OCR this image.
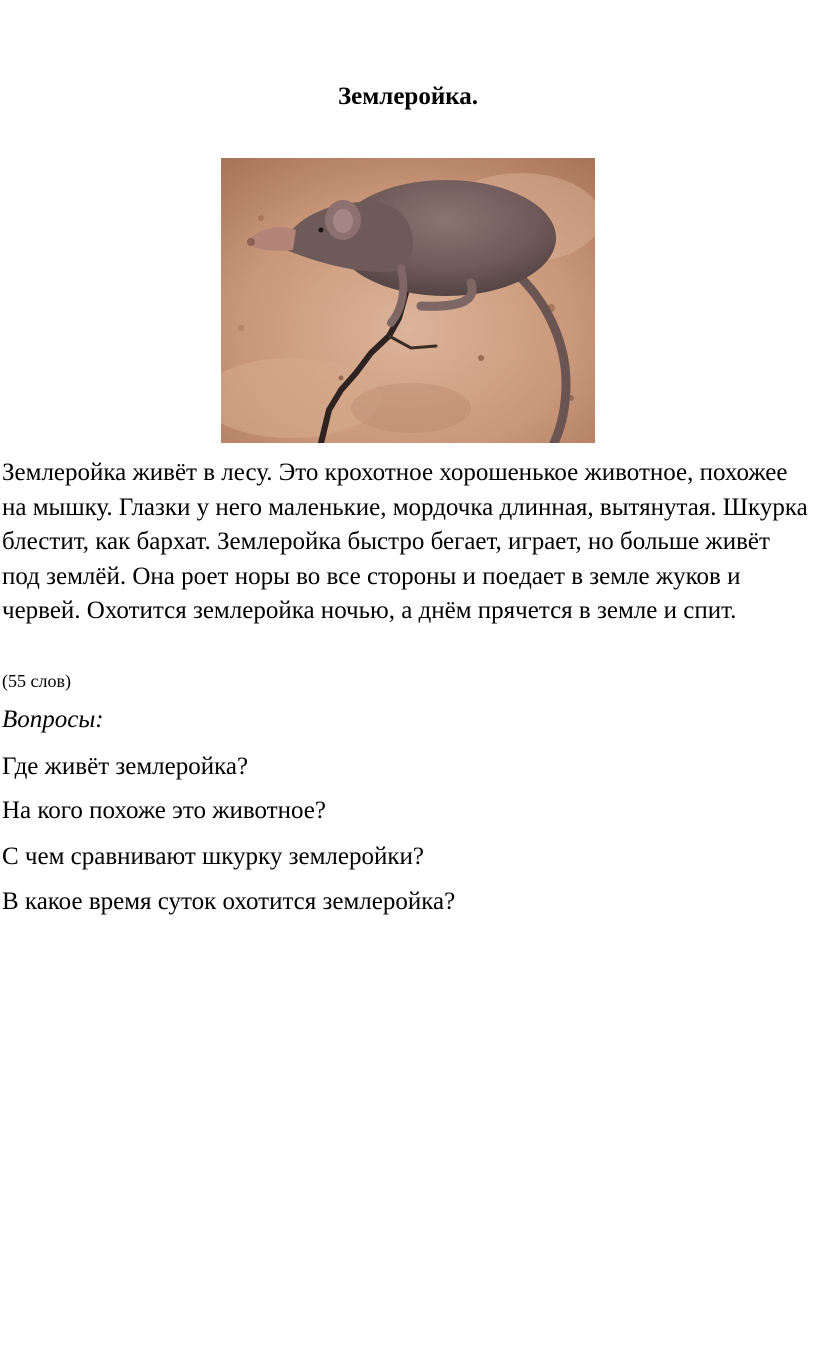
Землеройка.
Землеройка живёт в лесу. Это крохотное хорошенькое животное, похожее на мышку. Глазки у него маленькие, мордочка длинная, вытянутая. Шкурка блестит, как бархат. Землеройка быстро бегает, играет, но больше живёт под землёй. Она роет норы во все стороны и поедает в земле жуков и червей. Охотится землеройка ночью, а днём прячется в земле и спит.
(55 слов)
Вопросы:
Где живёт землеройка?
На кого похоже это животное?
С чем сравнивают шкурку землеройки?
В какое время суток охотится землеройка?
